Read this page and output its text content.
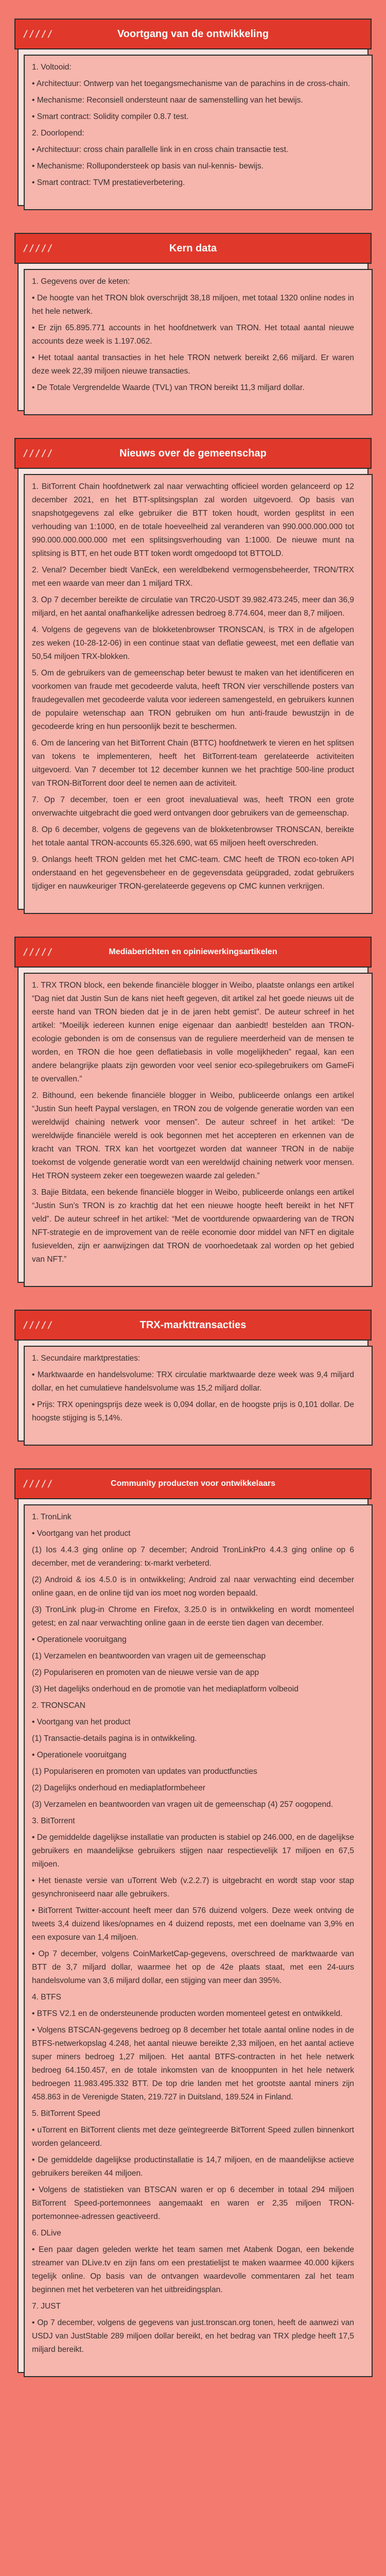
/////	Voortgang van de ontwikkeling

1. Voltooid:

• Architectuur: Ontwerp van het toegangsmechanisme van de parachins in de cross-chain.

• Mechanisme: Reconsiell ondersteunt naar de samenstelling van het bewijs.

• Smart contract: Solidity compiler 0.8.7 test.

2. Doorlopend:

• Architectuur: cross chain parallelle link in en cross chain transactie test.

• Mechanisme: Rollupondersteek op basis van nul-kennis- bewijs.

• Smart contract: TVM prestatieverbetering.

/////	Kern data

1. Gegevens over de keten:

• De hoogte van het TRON blok overschrijdt 38,18 miljoen, met totaal 1320 online nodes in het hele netwerk.

• Er zijn 65.895.771 accounts in het hoofdnetwerk van TRON. Het totaal aantal nieuwe accounts deze week is 1.197.062.

• Het totaal aantal transacties in het hele TRON netwerk bereikt 2,66 miljard. Er waren deze week 22,39 miljoen nieuwe transacties.

• De Totale Vergrendelde Waarde (TVL) van TRON bereikt 11,3 miljard dollar.

/////	Nieuws over de gemeenschap

1. BitTorrent Chain hoofdnetwerk zal naar verwachting officieel worden gelanceerd op 12 december 2021, en het BTT-splitsingsplan zal worden uitgevoerd. Op basis van snapshotgegevens zal elke gebruiker die BTT token houdt, worden gesplitst in een verhouding van 1:1000, en de totale hoeveelheid zal veranderen van 990.000.000.000 tot 990.000.000.000.000 met een splitsingsverhouding van 1:1000. De nieuwe munt na splitsing is BTT, en het oude BTT token wordt omgedoopd tot BTTOLD.

2. Venal? December biedt VanEck, een wereldbekend vermogensbeheerder, TRON/TRX met een waarde van meer dan 1 miljard TRX.

3. Op 7 december bereikte de circulatie van TRC20-USDT 39.982.473.245, meer dan 36,9 miljard, en het aantal onafhankelijke adressen bedroeg 8.774.604, meer dan 8,7 miljoen.

4. Volgens de gegevens van de blokketenbrowser TRONSCAN, is TRX in de afgelopen zes weken (10-28-12-06) in een continue staat van deflatie geweest, met een deflatie van 50,54 miljoen TRX-blokken.

5. Om de gebruikers van de gemeenschap beter bewust te maken van het identificeren en voorkomen van fraude met gecodeerde valuta, heeft TRON vier verschillende posters van fraudegevallen met gecodeerde valuta voor iedereen samengesteld, en gebruikers kunnen de populaire wetenschap aan TRON gebruiken om hun anti-fraude bewustzijn in de gecodeerde kring en hun persoonlijk bezit te beschermen.

6. Om de lancering van het BitTorrent Chain (BTTC) hoofdnetwerk te vieren en het splitsen van tokens te implementeren, heeft het BitTorrent-team gerelateerde activiteiten uitgevoerd. Van 7 december tot 12 december kunnen we het prachtige 500-line product van TRON-BitTorrent door deel te nemen aan de activiteit.

7. Op 7 december, toen er een groot inevaluatieval was, heeft TRON een grote onverwachte uitgebracht die goed werd ontvangen door gebruikers van de gemeenschap.

8. Op 6 december, volgens de gegevens van de blokketenbrowser TRONSCAN, bereikte het totale aantal TRON-accounts 65.326.690, wat 65 miljoen heeft overschreden.

9. Onlangs heeft TRON gelden met het CMC-team. CMC heeft de TRON eco-token API onderstaand en het gegevensbeheer en de gegevensdata geüpgraded, zodat gebruikers tijdiger en nauwkeuriger TRON-gerelateerde gegevens op CMC kunnen verkrijgen.

/////	Mediaberichten en opiniewerkingsartikelen

1. TRX TRON block, een bekende financiële blogger in Weibo, plaatste onlangs een artikel “Dag niet dat Justin Sun de kans niet heeft gegeven, dit artikel zal het goede nieuws uit de eerste hand van TRON bieden dat je in de jaren hebt gemist”. De auteur schreef in het artikel: “Moeilijk iedereen kunnen enige eigenaar dan aanbiedt! bestelden aan TRON-ecologie gebonden is om de consensus van de reguliere meerderheid van de mensen te worden, en TRON die hoe geen deflatiebasis in volle mogelijkheden” regaal, kan een andere belangrijke plaats zijn geworden voor veel senior eco-spilegebruikers om GameFi te overvallen.”

2. Bithound, een bekende financiële blogger in Weibo, publiceerde onlangs een artikel “Justin Sun heeft Paypal verslagen, en TRON zou de volgende generatie worden van een wereldwijd chaining netwerk voor mensen”. De auteur schreef in het artikel: “De wereldwijde financiële wereld is ook begonnen met het accepteren en erkennen van de kracht van TRON. TRX kan het voortgezet worden dat wanneer TRON in de nabije toekomst de volgende generatie wordt van een wereldwijd chaining netwerk voor mensen. Het TRON systeem zeker een toegewezen waarde zal geleden.”

3. Bajie Bitdata, een bekende financiële blogger in Weibo, publiceerde onlangs een artikel “Justin Sun’s TRON is zo krachtig dat het een nieuwe hoogte heeft bereikt in het NFT veld”. De auteur schreef in het artikel: “Met de voortdurende opwaardering van de TRON NFT-strategie en de improvement van de reële economie door middel van NFT en digitale fusievelden, zijn er aanwijzingen dat TRON de voorhoedetaak zal worden op het gebied van NFT.”

/////	TRX-markttransacties

1. Secundaire marktprestaties:

• Marktwaarde en handelsvolume: TRX circulatie marktwaarde deze week was 9,4 miljard dollar, en het cumulatieve handelsvolume was 15,2 miljard dollar.

• Prijs: TRX openingsprijs deze week is 0,094 dollar, en de hoogste prijs is 0,101 dollar. De hoogste stijging is 5,14%.

/////	Community producten voor ontwikkelaars

1. TronLink

• Voortgang van het product

(1) Ios 4.4.3 ging online op 7 december; Android TronLinkPro 4.4.3 ging online op 6 december, met de verandering: tx-markt verbeterd.

(2) Android & ios 4.5.0 is in ontwikkeling; Android zal naar verwachting eind december online gaan, en de online tijd van ios moet nog worden bepaald.

(3) TronLink plug-in Chrome en Firefox, 3.25.0 is in ontwikkeling en wordt momenteel getest; en zal naar verwachting online gaan in de eerste tien dagen van december.

• Operationele vooruitgang

(1) Verzamelen en beantwoorden van vragen uit de gemeenschap

(2) Populariseren en promoten van de nieuwe versie van de app

(3) Het dagelijks onderhoud en de promotie van het mediaplatform volbeoid

2. TRONSCAN

• Voortgang van het product

(1) Transactie-details pagina is in ontwikkeling.

• Operationele vooruitgang

(1) Populariseren en promoten van updates van productfuncties

(2) Dagelijks onderhoud en mediaplatformbeheer

(3) Verzamelen en beantwoorden van vragen uit de gemeenschap (4) 257 oogopend.

3. BitTorrent

• De gemiddelde dagelijkse installatie van producten is stabiel op 246.000, en de dagelijkse gebruikers en maandelijkse gebruikers stijgen naar respectievelijk 17 miljoen en 67,5 miljoen.

• Het tienaste versie van uTorrent Web (v.2.2.7) is uitgebracht en wordt stap voor stap gesynchroniseerd naar alle gebruikers.

• BitTorrent Twitter-account heeft meer dan 576 duizend volgers. Deze week ontving de tweets 3,4 duizend likes/opnames en 4 duizend reposts, met een doelname van 3,9% en een exposure van 1,4 miljoen.

• Op 7 december, volgens CoinMarketCap-gegevens, overschreed de marktwaarde van BTT de 3,7 miljard dollar, waarmee het op de 42e plaats staat, met een 24-uurs handelsvolume van 3,6 miljard dollar, een stijging van meer dan 395%.

4. BTFS

• BTFS V2.1 en de ondersteunende producten worden momenteel getest en ontwikkeld.

• Volgens BTSCAN-gegevens bedroeg op 8 december het totale aantal online nodes in de BTFS-netwerkopslag 4.248, het aantal nieuwe bereikte 2,33 miljoen, en het aantal actieve super miners bedroeg 1,27 miljoen. Het aantal BTFS-contracten in het hele netwerk bedroeg 64.150.457, en de totale inkomsten van de knooppunten in het hele netwerk bedroegen 11.983.495.332 BTT. De top drie landen met het grootste aantal miners zijn 458.863 in de Verenigde Staten, 219.727 in Duitsland, 189.524 in Finland.

5. BitTorrent Speed

• uTorrent en BitTorrent clients met deze geïntegreerde BitTorrent Speed zullen binnenkort worden gelanceerd.

• De gemiddelde dagelijkse productinstallatie is 14,7 miljoen, en de maandelijkse actieve gebruikers bereiken 44 miljoen.

• Volgens de statistieken van BTSCAN waren er op 6 december in totaal 294 miljoen BitTorrent Speed-portemonnees aangemaakt en waren er 2,35 miljoen TRON-portemonnee-adressen geactiveerd.

6. DLive

• Een paar dagen geleden werkte het team samen met Atabenk Dogan, een bekende streamer van DLive.tv en zijn fans om een prestatielijst te maken waarmee 40.000 kijkers tegelijk online. Op basis van de ontvangen waardevolle commentaren zal het team beginnen met het verbeteren van het uitbreidingsplan.

7. JUST

• Op 7 december, volgens de gegevens van just.tronscan.org tonen, heeft de aanwezi van USDJ van JustStable 289 miljoen dollar bereikt, en het bedrag van TRX pledge heeft 17,5 miljard bereikt.
